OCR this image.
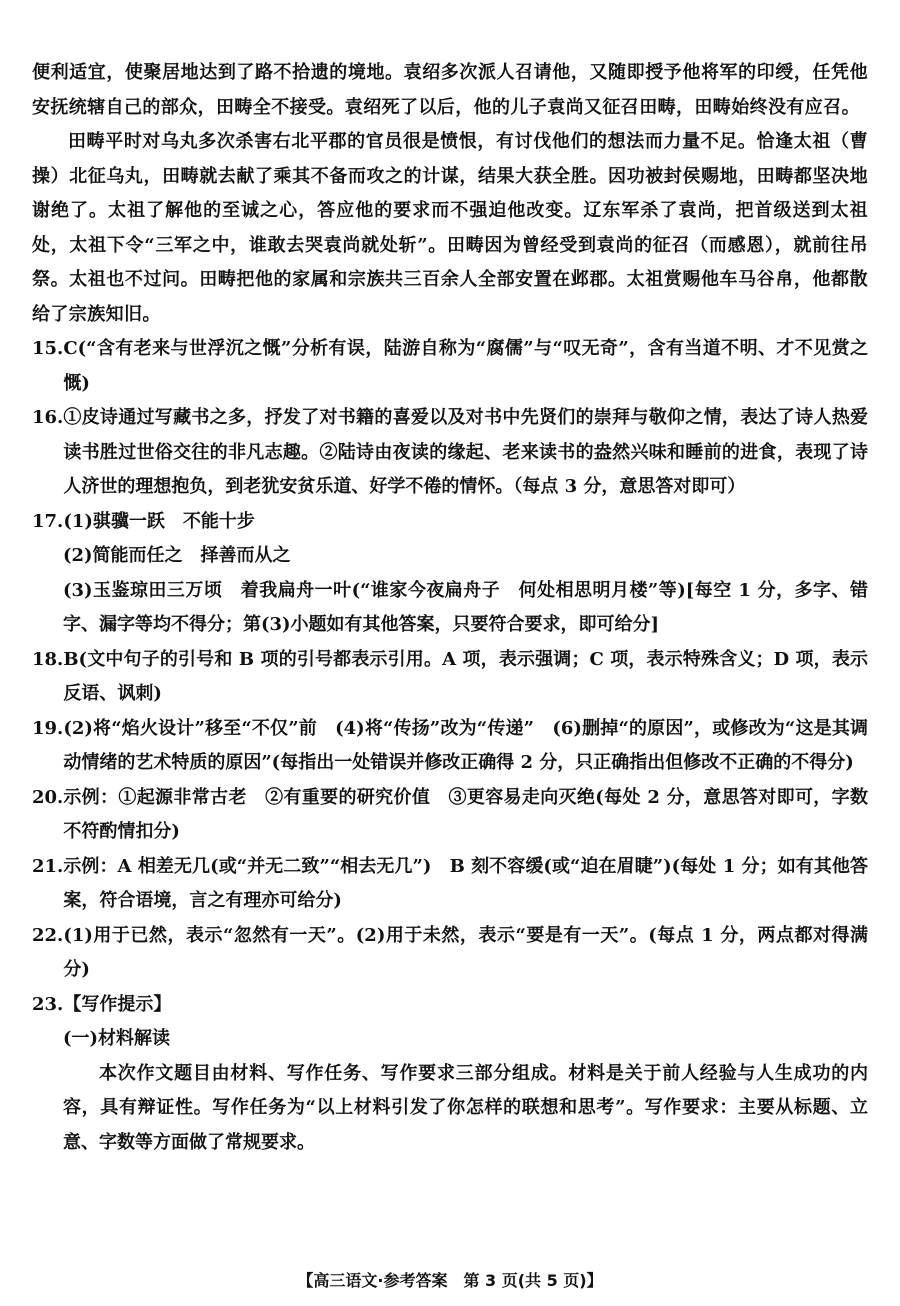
便利适宜，使聚居地达到了路不拾遗的境地。袁绍多次派人召请他，又随即授予他将军的印绶，任凭他安抚统辖自己的部众，田畴全不接受。袁绍死了以后，他的儿子袁尚又征召田畴，田畴始终没有应召。

田畴平时对乌丸多次杀害右北平郡的官员很是愤恨，有讨伐他们的想法而力量不足。恰逢太祖（曹操）北征乌丸，田畴就去献了乘其不备而攻之的计谋，结果大获全胜。因功被封侯赐地，田畴都坚决地谢绝了。太祖了解他的至诚之心，答应他的要求而不强迫他改变。辽东军杀了袁尚，把首级送到太祖处，太祖下令“三军之中，谁敢去哭袁尚就处斩”。田畴因为曾经受到袁尚的征召（而感恩），就前往吊祭。太祖也不过问。田畴把他的家属和宗族共三百余人全部安置在邺郡。太祖赏赐他车马谷帛，他都散给了宗族知旧。

15. C(“含有老来与世浮沉之慨”分析有误，陆游自称为“腐儒”与“叹无奇”，含有当道不明、才不见赏之慨)
16. ①皮诗通过写藏书之多，抒发了对书籍的喜爱以及对书中先贤们的崇拜与敬仰之情，表达了诗人热爱读书胜过世俗交往的非凡志趣。②陆诗由夜读的缘起、老来读书的盎然兴味和睡前的进食，表现了诗人济世的理想抱负，到老犹安贫乐道、好学不倦的情怀。（每点 3 分，意思答对即可）
17. (1)骐骥一跃　不能十步

(2)简能而任之　择善而从之

(3)玉鉴琼田三万顷　着我扁舟一叶(“谁家今夜扁舟子　何处相思明月楼”等)[每空 1 分，多字、错字、漏字等均不得分；第(3)小题如有其他答案，只要符合要求，即可给分]

18. B(文中句子的引号和 B 项的引号都表示引用。A 项，表示强调；C 项，表示特殊含义；D 项，表示反语、讽刺)
19. (2)将“焰火设计”移至“不仅”前　(4)将“传扬”改为“传递”　(6)删掉“的原因”，或修改为“这是其调动情绪的艺术特质的原因”(每指出一处错误并修改正确得 2 分，只正确指出但修改不正确的不得分)
20. 示例：①起源非常古老　②有重要的研究价值　③更容易走向灭绝(每处 2 分，意思答对即可，字数不符酌情扣分)
21. 示例：A 相差无几(或“并无二致”“相去无几”)　B 刻不容缓(或“迫在眉睫”)(每处 1 分；如有其他答案，符合语境，言之有理亦可给分)
22. (1)用于已然，表示“忽然有一天”。(2)用于未然，表示“要是有一天”。(每点 1 分，两点都对得满分)
23. 【写作提示】

(一)材料解读

本次作文题目由材料、写作任务、写作要求三部分组成。材料是关于前人经验与人生成功的内容，具有辩证性。写作任务为“以上材料引发了你怎样的联想和思考”。写作要求：主要从标题、立意、字数等方面做了常规要求。

【高三语文·参考答案　第 3 页(共 5 页)】
